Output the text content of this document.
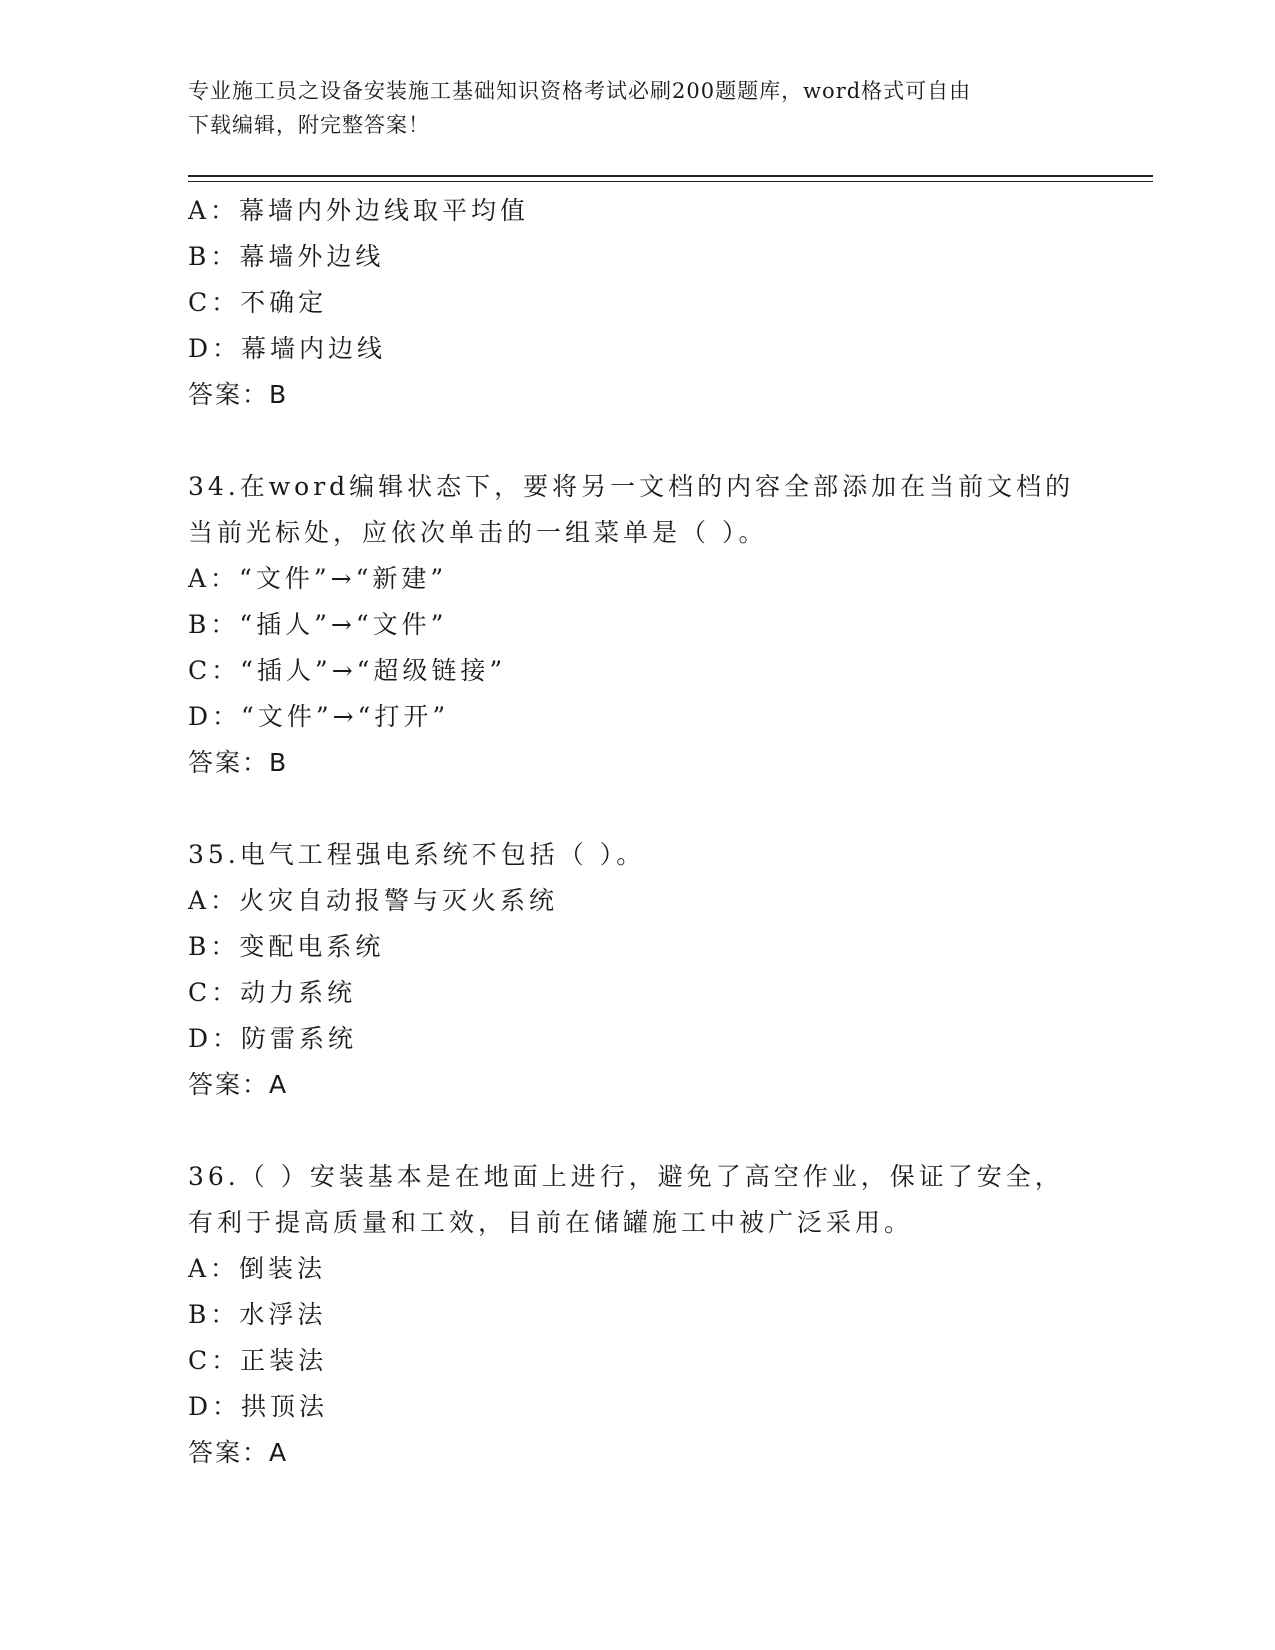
专业施工员之设备安装施工基础知识资格考试必刷200题题库，word格式可自由
下载编辑，附完整答案！
A：幕墙内外边线取平均值
B：幕墙外边线
C：不确定
D：幕墙内边线
答案：B
34.在word编辑状态下，要将另一文档的内容全部添加在当前文档的
当前光标处，应依次单击的一组菜单是（ ）。
A：“文件”→“新建”
B：“插人”→“文件”
C：“插人”→“超级链接”
D：“文件”→“打开”
答案：B
35.电气工程强电系统不包括（ ）。
A：火灾自动报警与灭火系统
B：变配电系统
C：动力系统
D：防雷系统
答案：A
36.（ ）安装基本是在地面上进行，避免了高空作业，保证了安全，
有利于提高质量和工效，目前在储罐施工中被广泛采用。
A：倒装法
B：水浮法
C：正装法
D：拱顶法
答案：A
